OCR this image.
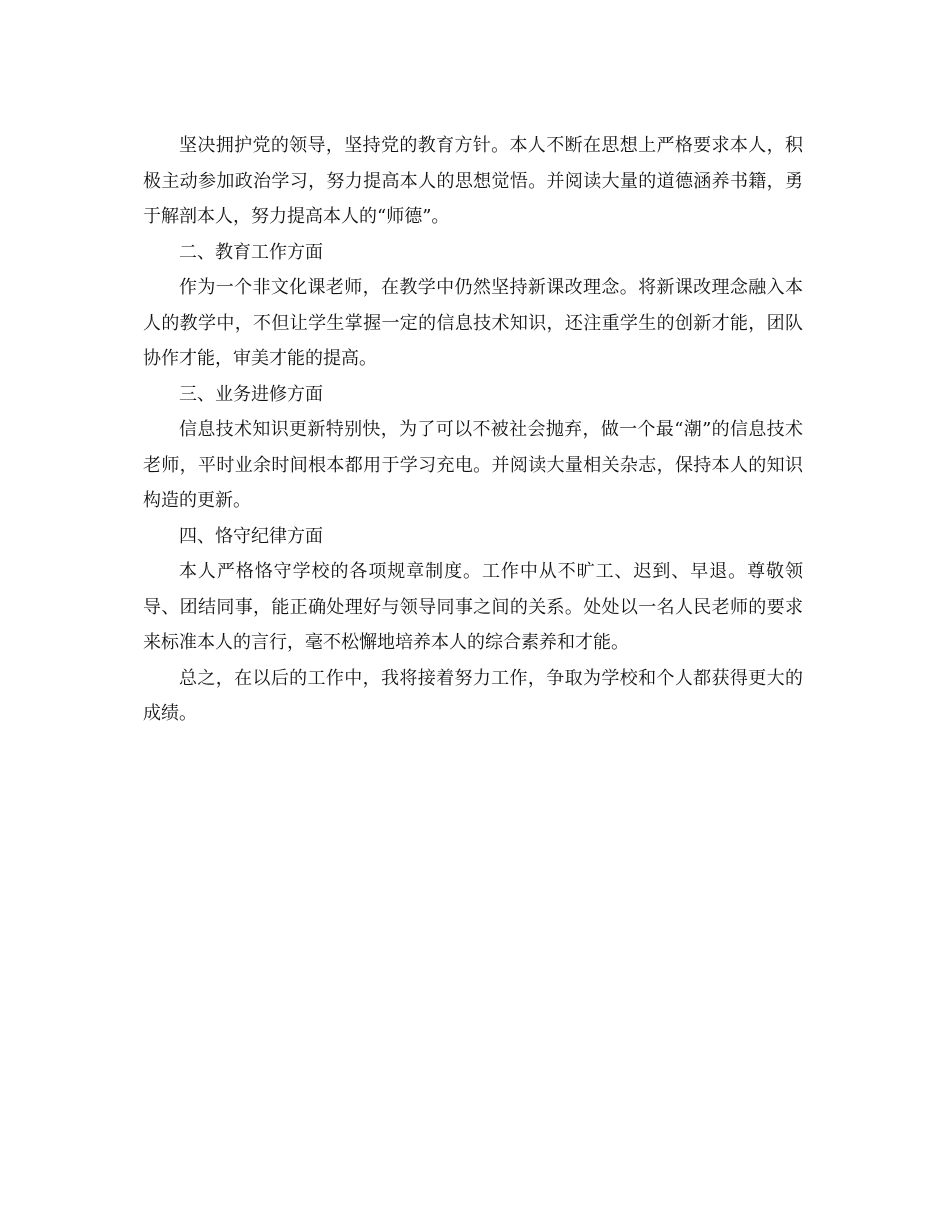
坚决拥护党的领导，坚持党的教育方针。本人不断在思想上严格要求本人，积极主动参加政治学习，努力提高本人的思想觉悟。并阅读大量的道德涵养书籍，勇于解剖本人，努力提高本人的“师德”。

二、教育工作方面

作为一个非文化课老师，在教学中仍然坚持新课改理念。将新课改理念融入本人的教学中，不但让学生掌握一定的信息技术知识，还注重学生的创新才能，团队协作才能，审美才能的提高。

三、业务进修方面

信息技术知识更新特别快，为了可以不被社会抛弃，做一个最“潮”的信息技术老师，平时业余时间根本都用于学习充电。并阅读大量相关杂志，保持本人的知识构造的更新。

四、恪守纪律方面

本人严格恪守学校的各项规章制度。工作中从不旷工、迟到、早退。尊敬领导、团结同事，能正确处理好与领导同事之间的关系。处处以一名人民老师的要求来标准本人的言行，毫不松懈地培养本人的综合素养和才能。

总之，在以后的工作中，我将接着努力工作，争取为学校和个人都获得更大的成绩。
